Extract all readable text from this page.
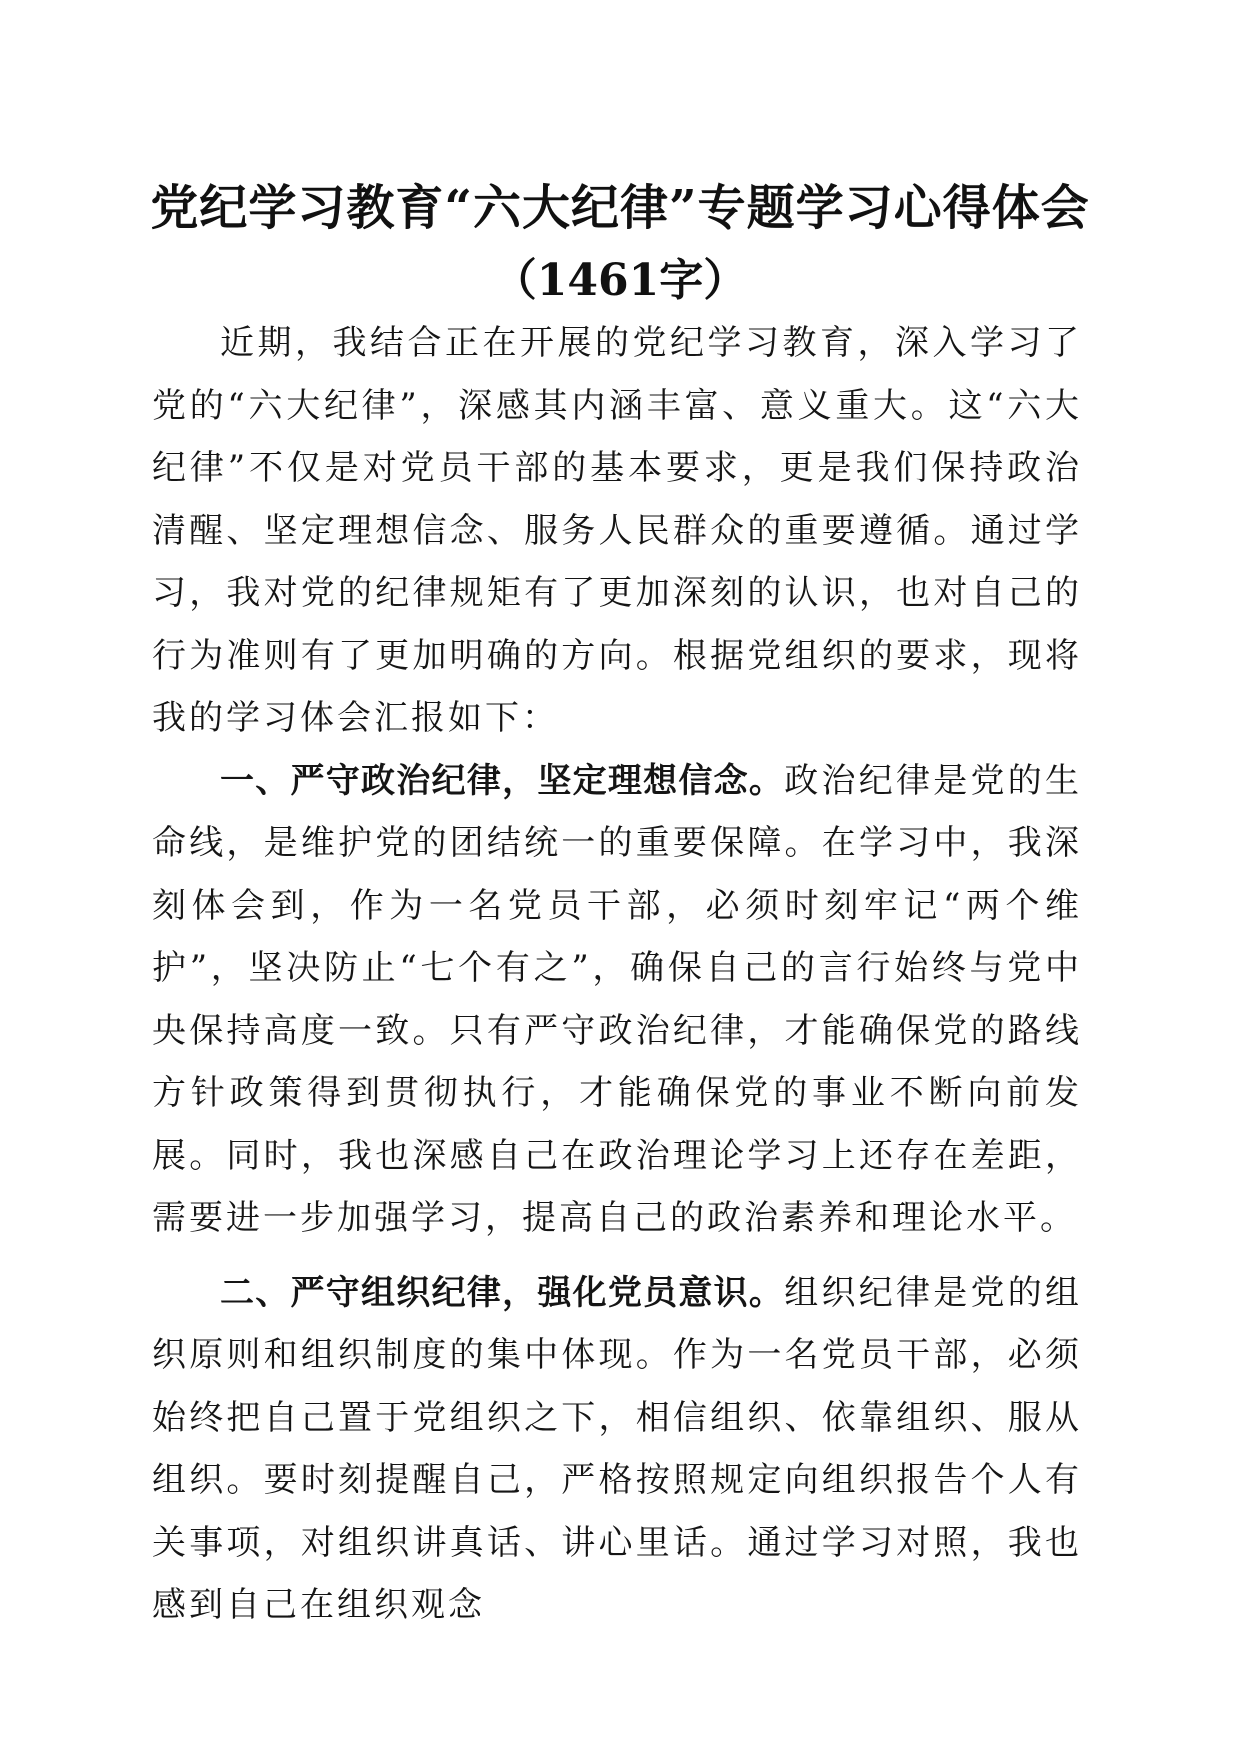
党纪学习教育“六大纪律”专题学习心得体会
（1461字）

近期，我结合正在开展的党纪学习教育，深入学习了党的“六大纪律”，深感其内涵丰富、意义重大。这“六大纪律”不仅是对党员干部的基本要求，更是我们保持政治清醒、坚定理想信念、服务人民群众的重要遵循。通过学习，我对党的纪律规矩有了更加深刻的认识，也对自己的行为准则有了更加明确的方向。根据党组织的要求，现将我的学习体会汇报如下：

一、严守政治纪律，坚定理想信念。政治纪律是党的生命线，是维护党的团结统一的重要保障。在学习中，我深刻体会到，作为一名党员干部，必须时刻牢记“两个维护”，坚决防止“七个有之”，确保自己的言行始终与党中央保持高度一致。只有严守政治纪律，才能确保党的路线方针政策得到贯彻执行，才能确保党的事业不断向前发展。同时，我也深感自己在政治理论学习上还存在差距，需要进一步加强学习，提高自己的政治素养和理论水平。

二、严守组织纪律，强化党员意识。组织纪律是党的组织原则和组织制度的集中体现。作为一名党员干部，必须始终把自己置于党组织之下，相信组织、依靠组织、服从组织。要时刻提醒自己，严格按照规定向组织报告个人有关事项，对组织讲真话、讲心里话。通过学习对照，我也感到自己在组织观念
